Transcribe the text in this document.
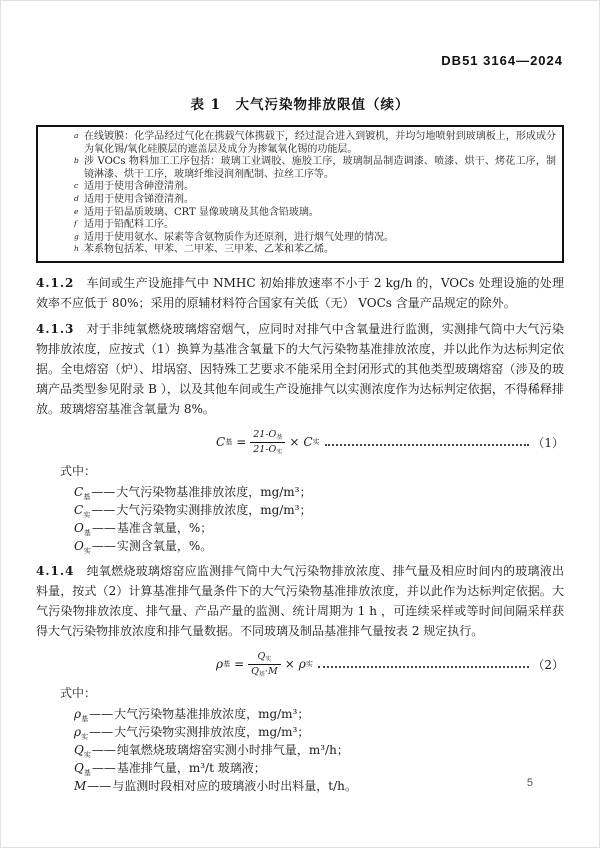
DB51 3164—2024
表 1　大气污染物排放限值（续）
a 在线镀膜：化学品经过气化在携载气体携载下，经过混合进入到镀机，并均匀地喷射到玻璃板上，形成成分为氧化锡/氧化硅膜层的遮盖层及成分为掺氟氧化锡的功能层。
b 涉 VOCs 物料加工工序包括：玻璃工业调胶、施胶工序，玻璃制品制造调漆、喷漆、烘干、烤花工序，制镜淋漆、烘干工序，玻璃纤维浸润剂配制、拉丝工序等。
c 适用于使用含砷澄清剂。
d 适用于使用含锑澄清剂。
e 适用于铅晶质玻璃、CRT 显像玻璃及其他含铅玻璃。
f 适用于铅配料工序。
g 适用于使用氨水、尿素等含氨物质作为还原剂，进行烟气处理的情况。
h 苯系物包括苯、甲苯、二甲苯、三甲苯、乙苯和苯乙烯。

4.1.2 车间或生产设施排气中 NMHC 初始排放速率不小于 2 kg/h 的，VOCs 处理设施的处理效率不应低于 80%；采用的原辅材料符合国家有关低（无） VOCs 含量产品规定的除外。

4.1.3 对于非纯氧燃烧玻璃熔窑烟气，应同时对排气中含氧量进行监测，实测排气筒中大气污染物排放浓度，应按式（1）换算为基准含氧量下的大气污染物基准排放浓度，并以此作为达标判定依据。全电熔窑（炉）、坩埚窑、因特殊工艺要求不能采用全封闭形式的其他类型玻璃熔窑（涉及的玻璃产品类型参见附录 B ），以及其他车间或生产设施排气以实测浓度作为达标判定依据，不得稀释排放。玻璃熔窑基准含氧量为 8%。

C 基 = $\frac{21-O_基}{21-O_实} \times C$ 实	（1）
式中：
$C_基——$大气污染物基准排放浓度，mg/m³；
$C_实——$大气污染物实测排放浓度，mg/m³；
$O_基——$基准含氧量，%；
$O_实——$实测含氧量，%。

4.1.4 纯氧燃烧玻璃熔窑应监测排气筒中大气污染物排放浓度、排气量及相应时间内的玻璃液出料量，按式（2）计算基准排气量条件下的大气污染物基准排放浓度，并以此作为达标判定依据。大气污染物排放浓度、排气量、产品产量的监测、统计周期为 1 h ，可连续采样或等时间间隔采样获得大气污染物排放浓度和排气量数据。不同玻璃及制品基准排气量按表 2 规定执行。

ρ 基 = $\frac{Q_实}{Q_基\cdot M} \times \rho$ 实	（2）
式中：
$\rho_基——$大气污染物基准排放浓度，mg/m³；
$\rho_实——$大气污染物实测排放浓度，mg/m³；
$Q_实——$纯氧燃烧玻璃熔窑实测小时排气量，m³/h；
$Q_基——$基准排气量，m³/t 玻璃液；
M——与监测时段相对应的玻璃液小时出料量，t/h。	5
